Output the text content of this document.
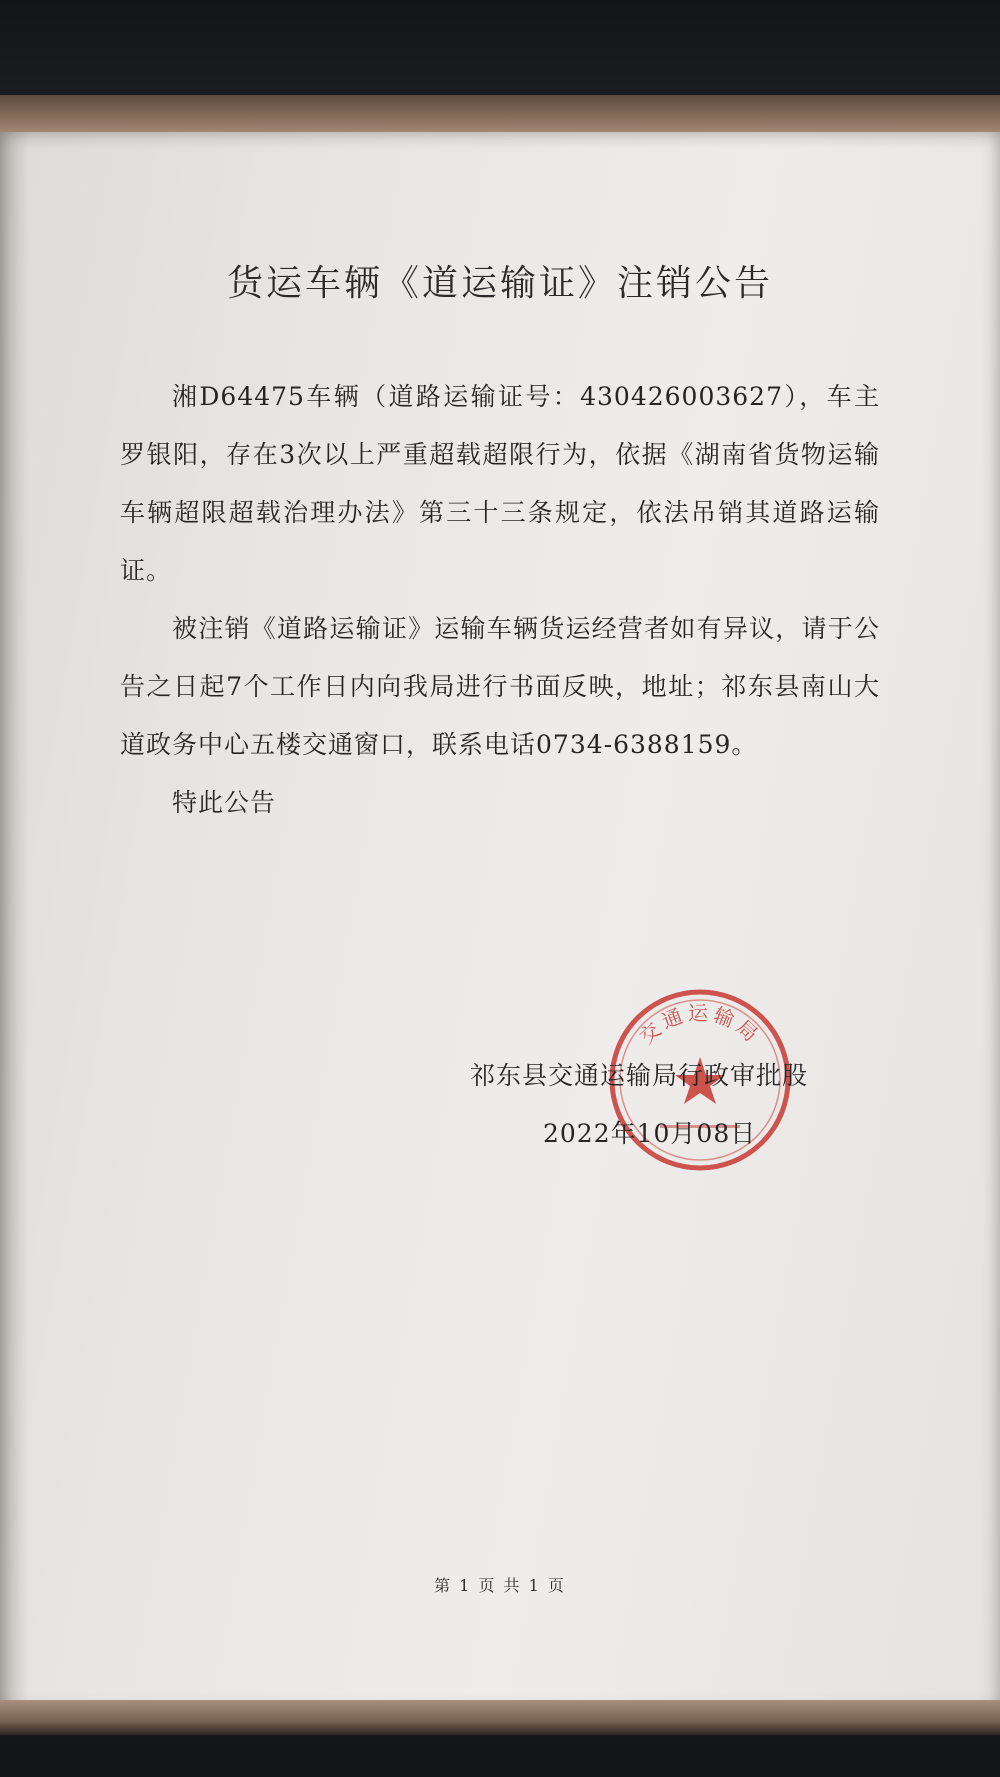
货运车辆《道运输证》注销公告

湘D64475车辆（道路运输证号：430426003627），车主罗银阳，存在3次以上严重超载超限行为，依据《湖南省货物运输车辆超限超载治理办法》第三十三条规定，依法吊销其道路运输证。

被注销《道路运输证》运输车辆货运经营者如有异议，请于公告之日起7个工作日内向我局进行书面反映，地址；祁东县南山大道政务中心五楼交通窗口，联系电话0734-6388159。

特此公告

交通运输局
祁东县交通运输局行政审批股
2022年10月08日
第 1 页 共 1 页
